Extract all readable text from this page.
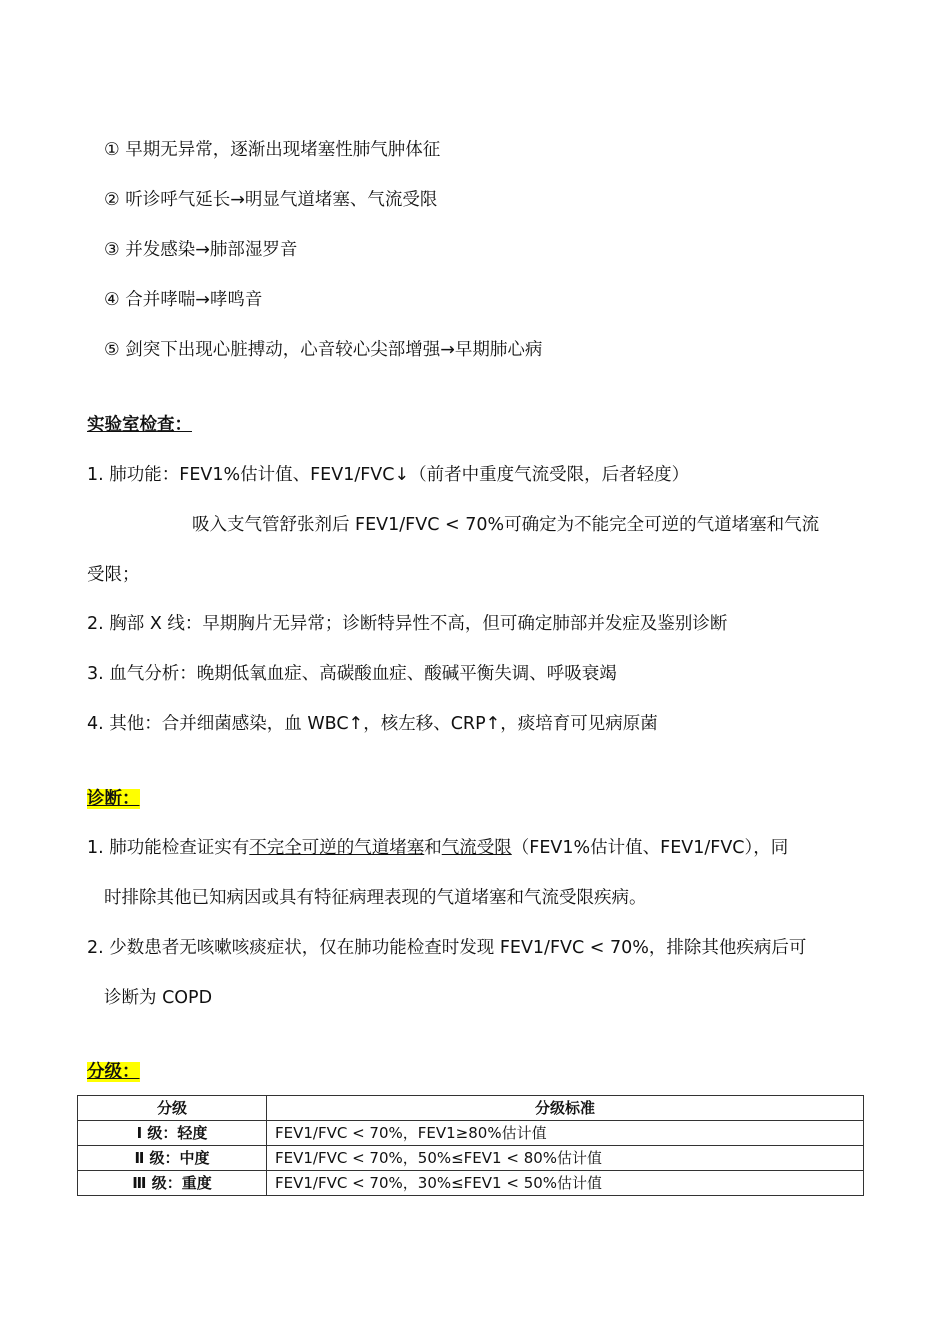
① 早期无异常，逐渐出现堵塞性肺气肿体征
② 听诊呼气延长→明显气道堵塞、气流受限
③ 并发感染→肺部湿罗音
④ 合并哮喘→哮鸣音
⑤ 剑突下出现心脏搏动，心音较心尖部增强→早期肺心病
实验室检查：
1. 肺功能：FEV1%估计值、FEV1/FVC↓（前者中重度气流受限，后者轻度）
吸入支气管舒张剂后 FEV1/FVC < 70%可确定为不能完全可逆的气道堵塞和气流
受限；
2. 胸部 X 线：早期胸片无异常；诊断特异性不高，但可确定肺部并发症及鉴别诊断
3. 血气分析：晚期低氧血症、高碳酸血症、酸碱平衡失调、呼吸衰竭
4. 其他：合并细菌感染，血 WBC↑，核左移、CRP↑，痰培育可见病原菌
诊断：
1. 肺功能检查证实有不完全可逆的气道堵塞和气流受限（FEV1%估计值、FEV1/FVC），同
时排除其他已知病因或具有特征病理表现的气道堵塞和气流受限疾病。
2. 少数患者无咳嗽咳痰症状，仅在肺功能检查时发现 FEV1/FVC < 70%，排除其他疾病后可
诊断为 COPD
分级：
分级	分级标准
Ⅰ 级：轻度	FEV1/FVC < 70%，FEV1≥80%估计值
Ⅱ 级：中度	FEV1/FVC < 70%，50%≤FEV1 < 80%估计值
Ⅲ 级：重度	FEV1/FVC < 70%，30%≤FEV1 < 50%估计值
